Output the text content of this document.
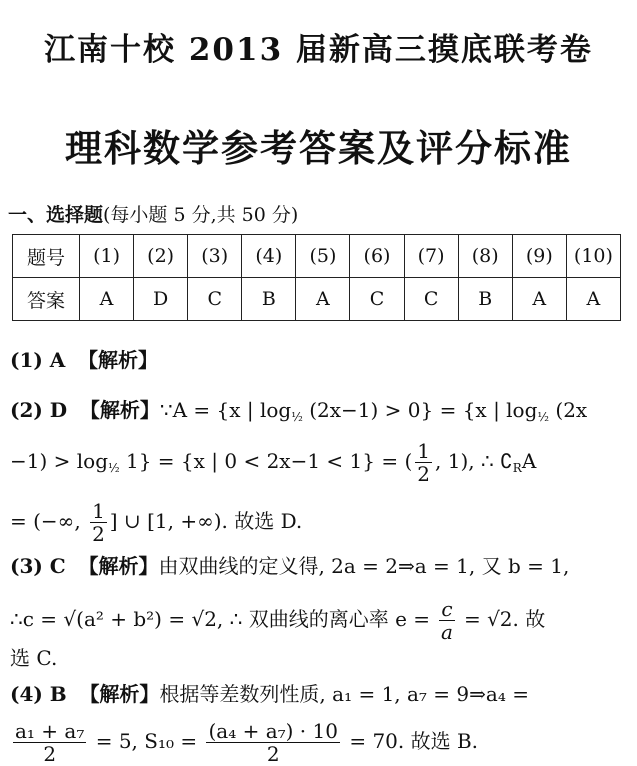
江南十校 2013 届新高三摸底联考卷
理科数学参考答案及评分标准
一、选择题(每小题 5 分,共 50 分)
题号	(1)	(2)	(3)	(4)	(5)	(6)	(7)	(8)	(9)	(10)
答案	A	D	C	B	A	C	C	B	A	A
(1) A 【解析】
(2) D 【解析】∵A = {x | $\log_{\frac{1}{2}} (2x-1) > 0\} = \{x$ | $\log_{\frac{1}{2}} (2x$
$-1) > \log_{\frac{1}{2}} 1\} = \{x$ | 0 < 2x−1 < 1} = ( $\frac{1}{2}$ , 1), ∴ $∁_RA$
= (−∞, $\frac{1}{2}$ ] ∪ [1, +∞). 故选 D.
(3) C 【解析】由双曲线的定义得, 2a = 2⇒a = 1, 又 b = 1,
∴c = √(a² + b²) = √2, ∴ 双曲线的离心率 $e = \frac{c}{a} = √2$. 故
选 C.
(4) B 【解析】根据等差数列性质, a₁ = 1, a₇ = 9⇒a₄ =
$\frac{\text{a₁ + a₇}}{2} = 5$, $S_{10} = \frac{\text{(a₄ + a₇) · 10}}{2} = 70$. 故选 B.
